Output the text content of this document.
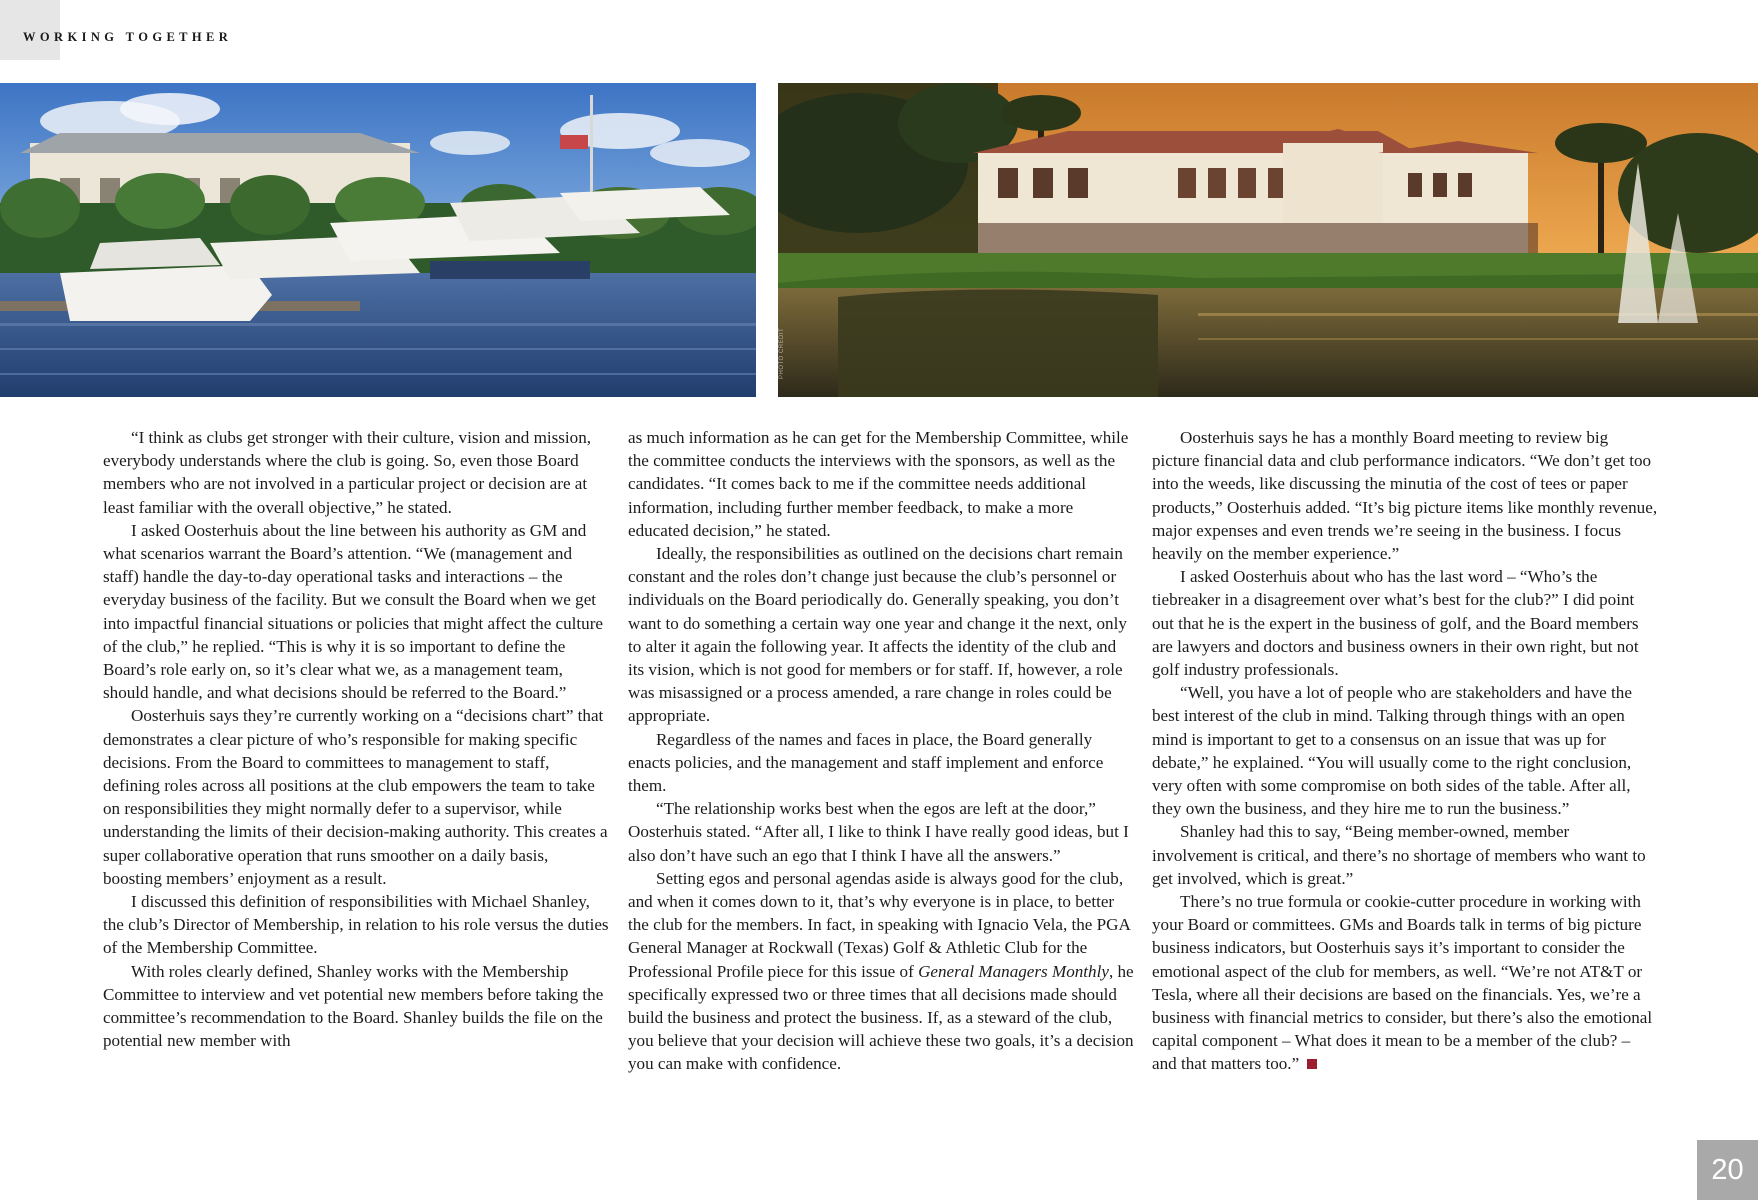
WORKING TOGETHER
PHOTO CREDIT

“I think as clubs get stronger with their culture, vision and mission, everybody understands where the club is going. So, even those Board members who are not involved in a particular project or decision are at least familiar with the overall objective,” he stated.

I asked Oosterhuis about the line between his authority as GM and what scenarios warrant the Board’s attention. “We (management and staff) handle the day-to-day operational tasks and interactions – the everyday business of the facility. But we consult the Board when we get into impactful financial situations or policies that might affect the culture of the club,” he replied. “This is why it is so important to define the Board’s role early on, so it’s clear what we, as a management team, should handle, and what decisions should be referred to the Board.”

Oosterhuis says they’re currently working on a “decisions chart” that demonstrates a clear picture of who’s responsible for making specific decisions. From the Board to committees to management to staff, defining roles across all positions at the club empowers the team to take on responsibilities they might normally defer to a supervisor, while understanding the limits of their decision-making authority. This creates a super collaborative operation that runs smoother on a daily basis, boosting members’ enjoyment as a result.

I discussed this definition of responsibilities with Michael Shanley, the club’s Director of Membership, in relation to his role versus the duties of the Membership Committee.

With roles clearly defined, Shanley works with the Membership Committee to interview and vet potential new members before taking the committee’s recommendation to the Board. Shanley builds the file on the potential new member with

as much information as he can get for the Membership Committee, while the committee conducts the interviews with the sponsors, as well as the candidates. “It comes back to me if the committee needs additional information, including further member feedback, to make a more educated decision,” he stated.

Ideally, the responsibilities as outlined on the decisions chart remain constant and the roles don’t change just because the club’s personnel or individuals on the Board periodically do. Generally speaking, you don’t want to do something a certain way one year and change it the next, only to alter it again the following year. It affects the identity of the club and its vision, which is not good for members or for staff. If, however, a role was misassigned or a process amended, a rare change in roles could be appropriate.

Regardless of the names and faces in place, the Board generally enacts policies, and the management and staff implement and enforce them.

“The relationship works best when the egos are left at the door,” Oosterhuis stated. “After all, I like to think I have really good ideas, but I also don’t have such an ego that I think I have all the answers.”

Setting egos and personal agendas aside is always good for the club, and when it comes down to it, that’s why everyone is in place, to better the club for the members. In fact, in speaking with Ignacio Vela, the PGA General Manager at Rockwall (Texas) Golf & Athletic Club for the Professional Profile piece for this issue of General Managers Monthly, he specifically expressed two or three times that all decisions made should build the business and protect the business. If, as a steward of the club, you believe that your decision will achieve these two goals, it’s a decision you can make with confidence.

Oosterhuis says he has a monthly Board meeting to review big picture financial data and club performance indicators. “We don’t get too into the weeds, like discussing the minutia of the cost of tees or paper products,” Oosterhuis added. “It’s big picture items like monthly revenue, major expenses and even trends we’re seeing in the business. I focus heavily on the member experience.”

I asked Oosterhuis about who has the last word – “Who’s the tiebreaker in a disagreement over what’s best for the club?” I did point out that he is the expert in the business of golf, and the Board members are lawyers and doctors and business owners in their own right, but not golf industry professionals.

“Well, you have a lot of people who are stakeholders and have the best interest of the club in mind. Talking through things with an open mind is important to get to a consensus on an issue that was up for debate,” he explained. “You will usually come to the right conclusion, very often with some compromise on both sides of the table. After all, they own the business, and they hire me to run the business.”

Shanley had this to say, “Being member-owned, member involvement is critical, and there’s no shortage of members who want to get involved, which is great.”

There’s no true formula or cookie-cutter procedure in working with your Board or committees. GMs and Boards talk in terms of big picture business indicators, but Oosterhuis says it’s important to consider the emotional aspect of the club for members, as well. “We’re not AT&T or Tesla, where all their decisions are based on the financials. Yes, we’re a business with financial metrics to consider, but there’s also the emotional capital component – What does it mean to be a member of the club? – and that matters too.”

20
